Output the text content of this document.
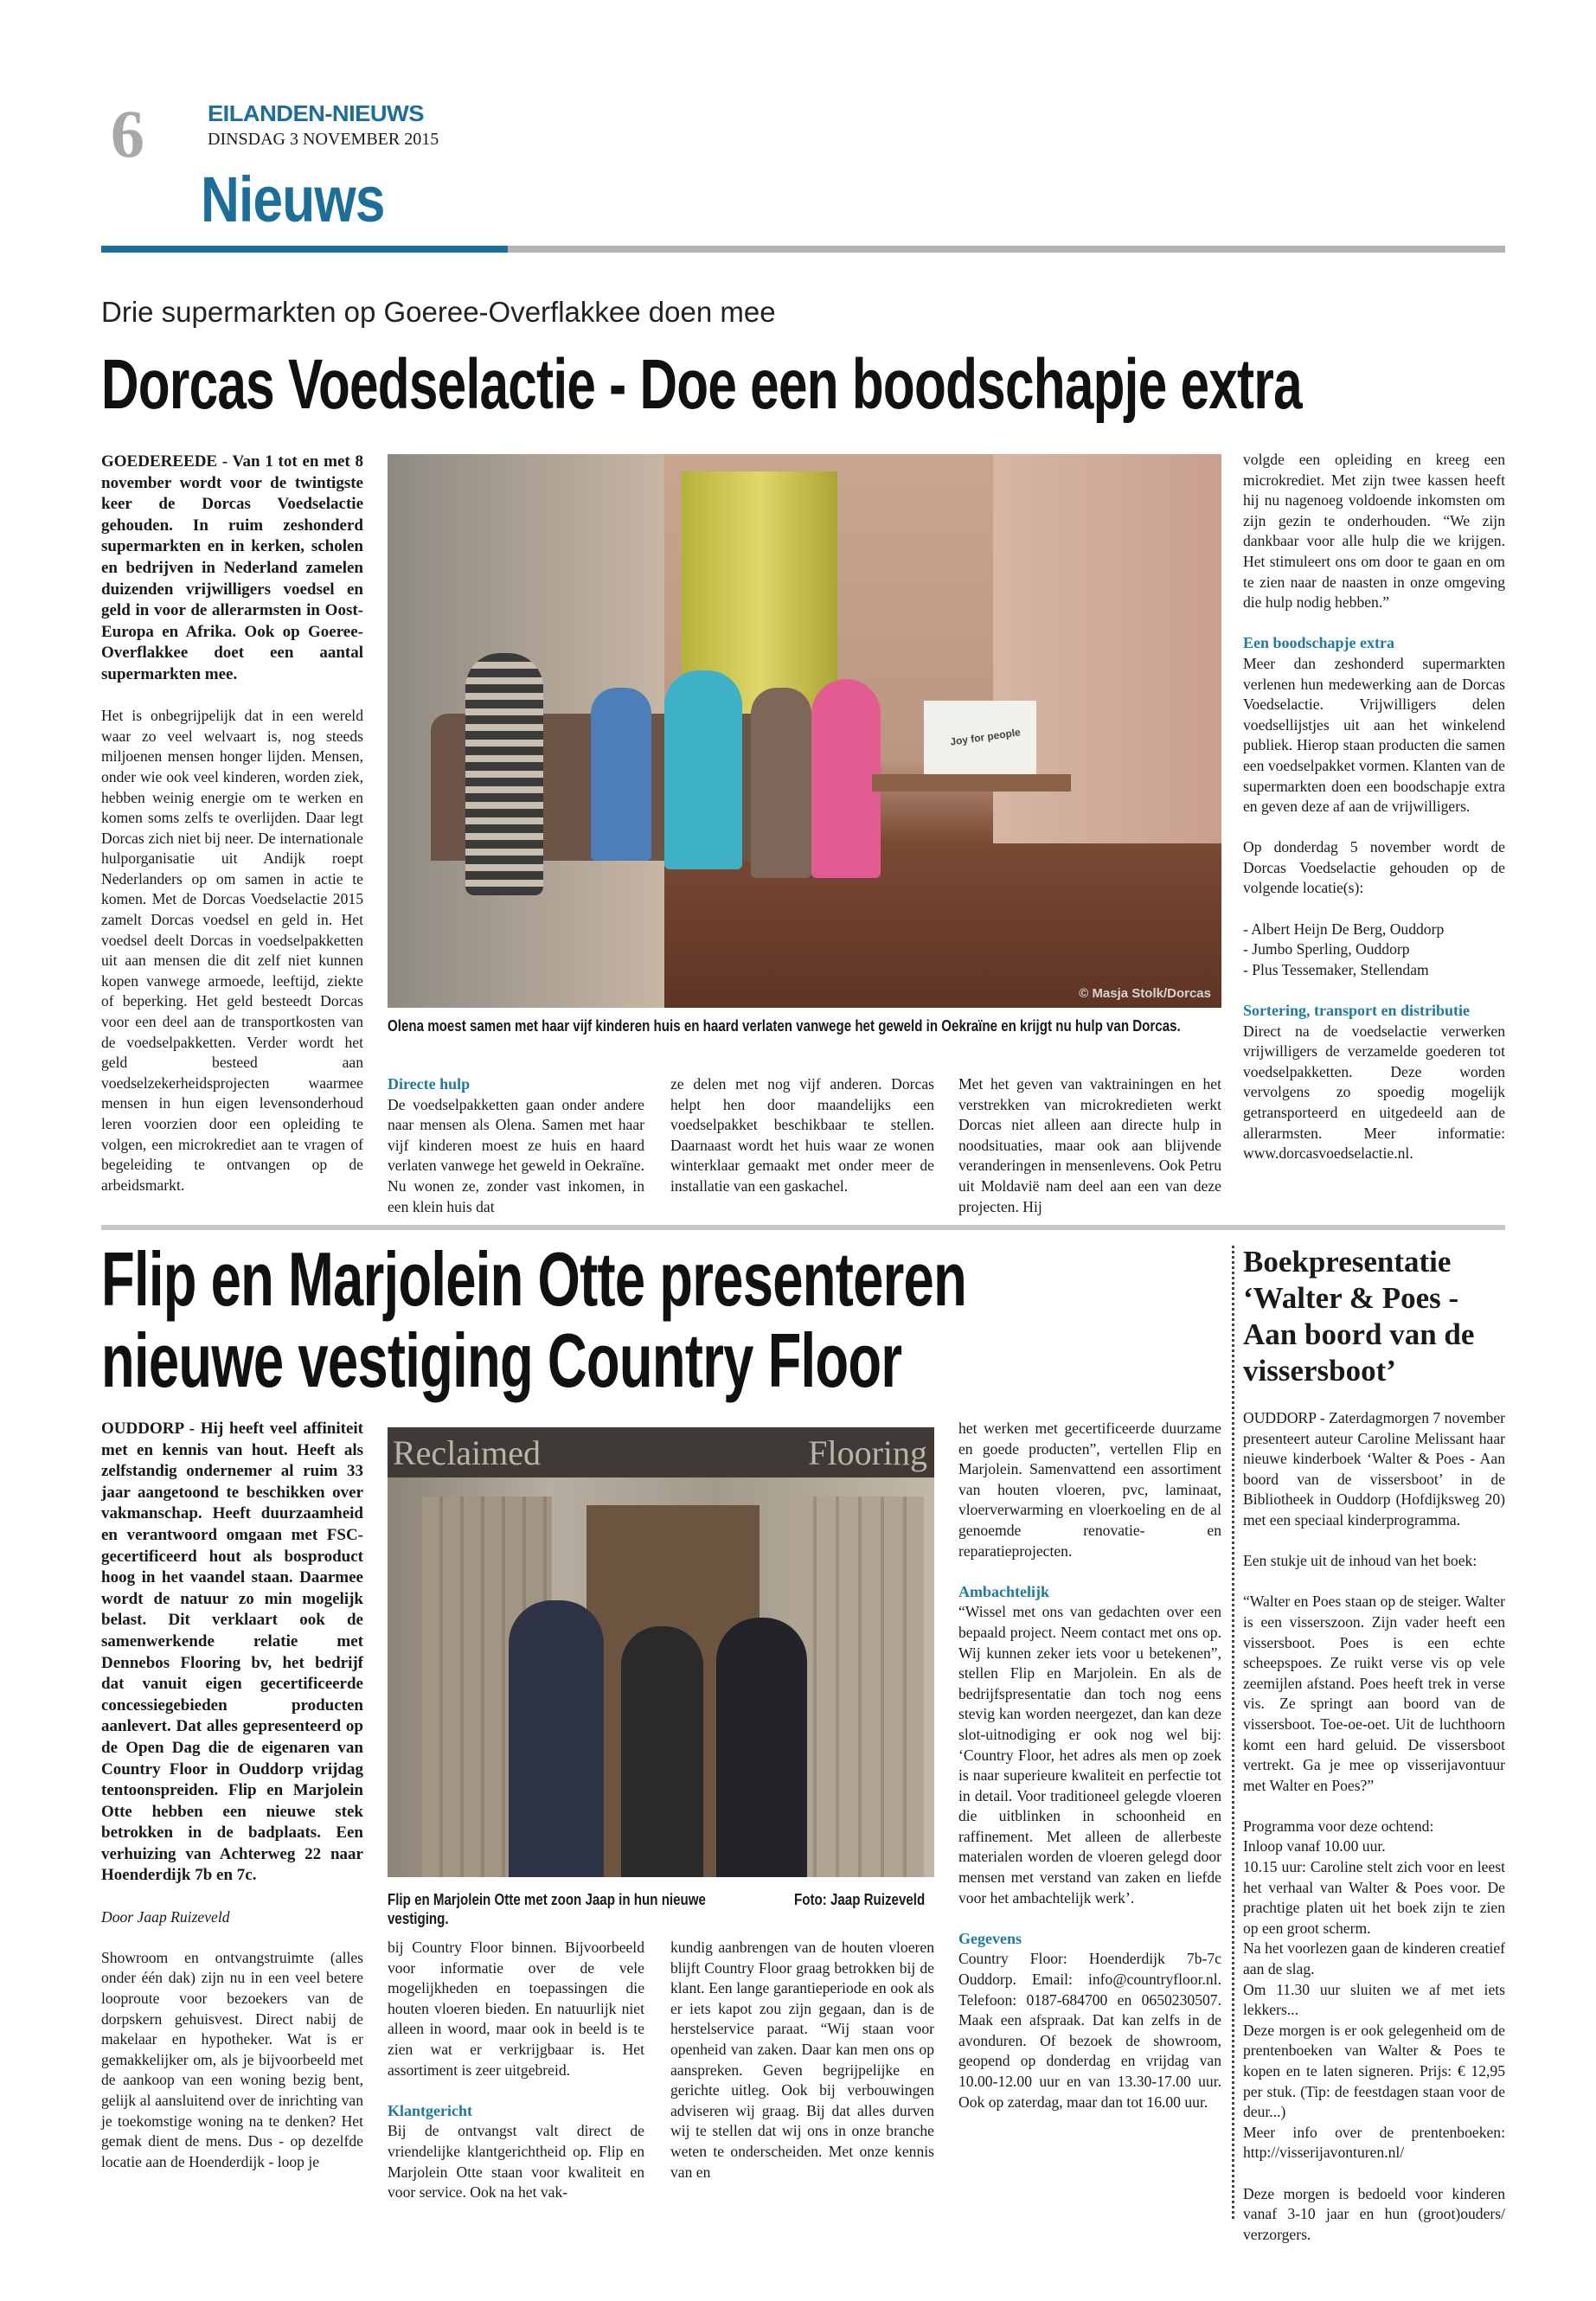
6	EILANDEN-NIEUWS
DINSDAG 3 NOVEMBER 2015
Nieuws
Drie supermarkten op Goeree-Overflakkee doen mee
Dorcas Voedselactie - Doe een boodschapje extra

GOEDEREEDE - Van 1 tot en met 8 november wordt voor de twintigste keer de Dorcas Voedselactie gehouden. In ruim zeshonderd supermarkten en in kerken, scholen en bedrijven in Nederland zamelen duizenden vrijwilligers voedsel en geld in voor de allerarmsten in Oost-Europa en Afrika. Ook op Goeree-Overflakkee doet een aantal supermarkten mee.

Het is onbegrijpelijk dat in een wereld waar zo veel welvaart is, nog steeds miljoenen mensen honger lijden. Mensen, onder wie ook veel kinderen, worden ziek, hebben weinig energie om te werken en komen soms zelfs te overlijden. Daar legt Dorcas zich niet bij neer. De internationale hulporganisatie uit Andijk roept Nederlanders op om samen in actie te komen. Met de Dorcas Voedselactie 2015 zamelt Dorcas voedsel en geld in. Het voedsel deelt Dorcas in voedselpakketten uit aan mensen die dit zelf niet kunnen kopen vanwege armoede, leeftijd, ziekte of beperking. Het geld besteedt Dorcas voor een deel aan de transportkosten van de voedselpakketten. Verder wordt het geld besteed aan voedselzekerheidsprojecten waarmee mensen in hun eigen levensonderhoud leren voorzien door een opleiding te volgen, een microkrediet aan te vragen of begeleiding te ontvangen op de arbeidsmarkt.

Joy for people
© Masja Stolk/Dorcas
Olena moest samen met haar vijf kinderen huis en haard verlaten vanwege het geweld in Oekraïne en krijgt nu hulp van Dorcas.
Directe hulp

De voedselpakketten gaan onder andere naar mensen als Olena. Samen met haar vijf kinderen moest ze huis en haard verlaten vanwege het geweld in Oekraïne. Nu wonen ze, zonder vast inkomen, in een klein huis dat

ze delen met nog vijf anderen. Dorcas helpt hen door maandelijks een voedselpakket beschikbaar te stellen. Daarnaast wordt het huis waar ze wonen winterklaar gemaakt met onder meer de installatie van een gaskachel.

Met het geven van vaktrainingen en het verstrekken van microkredieten werkt Dorcas niet alleen aan directe hulp in noodsituaties, maar ook aan blijvende veranderingen in mensenlevens. Ook Petru uit Moldavië nam deel aan een van deze projecten. Hij

volgde een opleiding en kreeg een microkrediet. Met zijn twee kassen heeft hij nu nagenoeg voldoende inkomsten om zijn gezin te onderhouden. “We zijn dankbaar voor alle hulp die we krijgen. Het stimuleert ons om door te gaan en om te zien naar de naasten in onze omgeving die hulp nodig hebben.”

Een boodschapje extra

Meer dan zeshonderd supermarkten verlenen hun medewerking aan de Dorcas Voedselactie. Vrijwilligers delen voedsellijstjes uit aan het winkelend publiek. Hierop staan producten die samen een voedselpakket vormen. Klanten van de supermarkten doen een boodschapje extra en geven deze af aan de vrijwilligers.

Op donderdag 5 november wordt de Dorcas Voedselactie gehouden op de volgende locatie(s):

- Albert Heijn De Berg, Ouddorp
- Jumbo Sperling, Ouddorp
- Plus Tessemaker, Stellendam
Sortering, transport en distributie

Direct na de voedselactie verwerken vrijwilligers de verzamelde goederen tot voedselpakketten. Deze worden vervolgens zo spoedig mogelijk getransporteerd en uitgedeeld aan de allerarmsten. Meer informatie: www.dorcasvoedselactie.nl.

Flip en Marjolein Otte presenteren
nieuwe vestiging Country Floor

OUDDORP - Hij heeft veel affiniteit met en kennis van hout. Heeft als zelfstandig ondernemer al ruim 33 jaar aangetoond te beschikken over vakmanschap. Heeft duurzaamheid en verantwoord omgaan met FSC-gecertificeerd hout als bosproduct hoog in het vaandel staan. Daarmee wordt de natuur zo min mogelijk belast. Dit verklaart ook de samenwerkende relatie met Dennebos Flooring bv, het bedrijf dat vanuit eigen gecertificeerde concessiegebieden producten aanlevert. Dat alles gepresenteerd op de Open Dag die de eigenaren van Country Floor in Ouddorp vrijdag tentoonspreiden. Flip en Marjolein Otte hebben een nieuwe stek betrokken in de badplaats. Een verhuizing van Achterweg 22 naar Hoenderdijk 7b en 7c.

Door Jaap Ruizeveld

Showroom en ontvangstruimte (alles onder één dak) zijn nu in een veel betere looproute voor bezoekers van de dorpskern gehuisvest. Direct nabij de makelaar en hypotheker. Wat is er gemakkelijker om, als je bijvoorbeeld met de aankoop van een woning bezig bent, gelijk al aansluitend over de inrichting van je toekomstige woning na te denken? Het gemak dient de mens. Dus - op dezelfde locatie aan de Hoenderdijk - loop je

Reclaimed	Flooring
Flip en Marjolein Otte met zoon Jaap in hun nieuwe vestiging.
Foto: Jaap Ruizeveld

bij Country Floor binnen. Bijvoorbeeld voor informatie over de vele mogelijkheden en toepassingen die houten vloeren bieden. En natuurlijk niet alleen in woord, maar ook in beeld is te zien wat er verkrijgbaar is. Het assortiment is zeer uitgebreid.

Klantgericht

Bij de ontvangst valt direct de vriendelijke klantgerichtheid op. Flip en Marjolein Otte staan voor kwaliteit en voor service. Ook na het vak-

kundig aanbrengen van de houten vloeren blijft Country Floor graag betrokken bij de klant. Een lange garantieperiode en ook als er iets kapot zou zijn gegaan, dan is de herstelservice paraat. “Wij staan voor openheid van zaken. Daar kan men ons op aanspreken. Geven begrijpelijke en gerichte uitleg. Ook bij verbouwingen adviseren wij graag. Bij dat alles durven wij te stellen dat wij ons in onze branche weten te onderscheiden. Met onze kennis van en

het werken met gecertificeerde duurzame en goede producten”, vertellen Flip en Marjolein. Samenvattend een assortiment van houten vloeren, pvc, laminaat, vloerverwarming en vloerkoeling en de al genoemde renovatie- en reparatieprojecten.

Ambachtelijk

“Wissel met ons van gedachten over een bepaald project. Neem contact met ons op. Wij kunnen zeker iets voor u betekenen”, stellen Flip en Marjolein. En als de bedrijfspresentatie dan toch nog eens stevig kan worden neergezet, dan kan deze slot-uitnodiging er ook nog wel bij: ‘Country Floor, het adres als men op zoek is naar superieure kwaliteit en perfectie tot in detail. Voor traditioneel gelegde vloeren die uitblinken in schoonheid en raffinement. Met alleen de allerbeste materialen worden de vloeren gelegd door mensen met verstand van zaken en liefde voor het ambachtelijk werk’.

Gegevens

Country Floor: Hoenderdijk 7b-7c Ouddorp. Email: info@countryfloor.nl. Telefoon: 0187-684700 en 0650230507. Maak een afspraak. Dat kan zelfs in de avonduren. Of bezoek de showroom, geopend op donderdag en vrijdag van 10.00-12.00 uur en van 13.30-17.00 uur. Ook op zaterdag, maar dan tot 16.00 uur.

Boekpresentatie ‘Walter & Poes - Aan boord van de vissersboot’

OUDDORP - Zaterdagmorgen 7 november presenteert auteur Caroline Melissant haar nieuwe kinderboek ‘Walter & Poes - Aan boord van de vissersboot’ in de Bibliotheek in Ouddorp (Hofdijksweg 20) met een speciaal kinderprogramma.

Een stukje uit de inhoud van het boek:

“Walter en Poes staan op de steiger. Walter is een visserszoon. Zijn vader heeft een vissersboot. Poes is een echte scheepspoes. Ze ruikt verse vis op vele zeemijlen afstand. Poes heeft trek in verse vis. Ze springt aan boord van de vissersboot. Toe-oe-oet. Uit de luchthoorn komt een hard geluid. De vissersboot vertrekt. Ga je mee op visserijavontuur met Walter en Poes?”

Programma voor deze ochtend:

Inloop vanaf 10.00 uur.

10.15 uur: Caroline stelt zich voor en leest het verhaal van Walter & Poes voor. De prachtige platen uit het boek zijn te zien op een groot scherm.

Na het voorlezen gaan de kinderen creatief aan de slag.

Om 11.30 uur sluiten we af met iets lekkers...

Deze morgen is er ook gelegenheid om de prentenboeken van Walter & Poes te kopen en te laten signeren. Prijs: € 12,95 per stuk. (Tip: de feestdagen staan voor de deur...)

Meer info over de prentenboeken: http://visserijavonturen.nl/

Deze morgen is bedoeld voor kinderen vanaf 3-10 jaar en hun (groot)ouders/ verzorgers.
